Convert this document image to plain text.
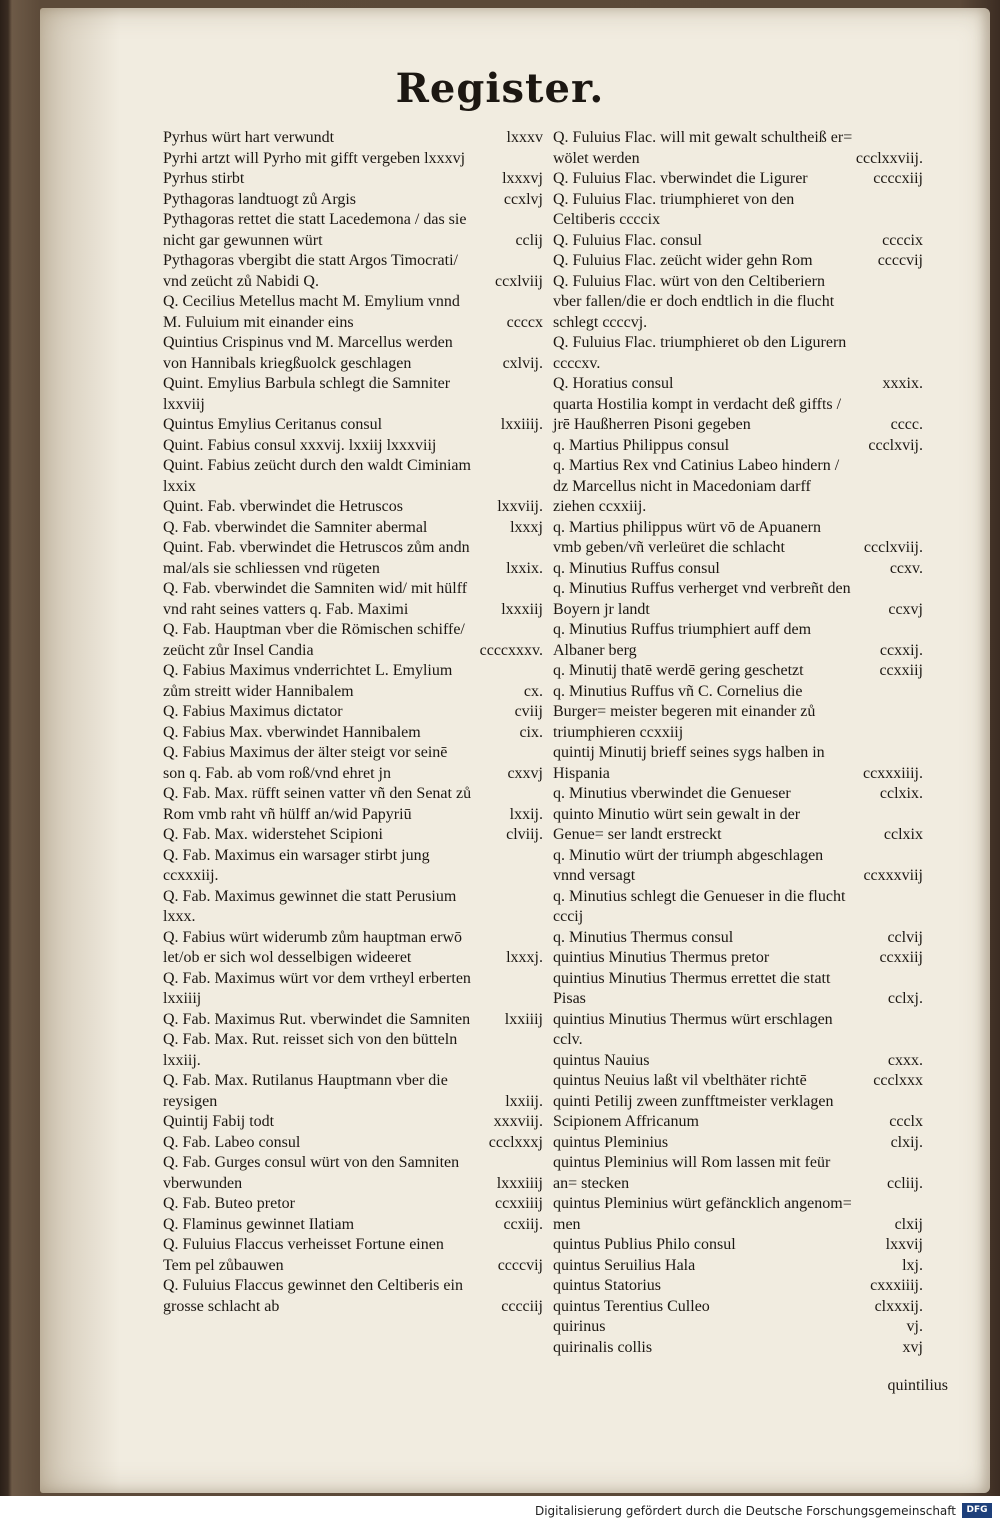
Register.
Pyrhus würt hart verwundt	lxxxv
Pyrhi artzt will Pyrho mit gifft vergeben lxxxvj
Pyrhus stirbt	lxxxvj
Pythagoras landtuogt zů Argis	ccxlvj
Pythagoras rettet die statt Lacedemona / das sie nicht gar gewunnen würt	cclij
Pythagoras vbergibt die statt Argos Timocrati/ vnd zeücht zů Nabidi Q.	ccxlviij
Q. Cecilius Metellus macht M. Emylium vnnd M. Fuluium mit einander eins	ccccx
Quintius Crispinus vnd M. Marcellus werden von Hannibals kriegßuolck geschlagen	cxlvij.
Quint. Emylius Barbula schlegt die Samniter lxxviij
Quintus Emylius Ceritanus consul	lxxiiij.
Quint. Fabius consul xxxvij. lxxiij lxxxviij
Quint. Fabius zeücht durch den waldt Ciminiam lxxix
Quint. Fab. vberwindet die Hetruscos	lxxviij.
Q. Fab. vberwindet die Samniter abermal	lxxxj
Quint. Fab. vberwindet die Hetruscos zům andn mal/als sie schliessen vnd rügeten	lxxix.
Q. Fab. vberwindet die Samniten wid/ mit hülff vnd raht seines vatters q. Fab. Maximi	lxxxiij
Q. Fab. Hauptman vber die Römischen schiffe/ zeücht zůr Insel Candia	ccccxxxv.
Q. Fabius Maximus vnderrichtet L. Emylium zům streitt wider Hannibalem	cx.
Q. Fabius Maximus dictator	cviij
Q. Fabius Max. vberwindet Hannibalem	cix.
Q. Fabius Maximus der älter steigt vor seinē son q. Fab. ab vom roß/vnd ehret jn	cxxvj
Q. Fab. Max. rüfft seinen vatter vñ den Senat zů Rom vmb raht vñ hülff an/wid Papyriū	lxxij.
Q. Fab. Max. widerstehet Scipioni	clviij.
Q. Fab. Maximus ein warsager stirbt jung ccxxxiij.
Q. Fab. Maximus gewinnet die statt Perusium lxxx.
Q. Fabius würt widerumb zům hauptman erwō let/ob er sich wol desselbigen wideeret	lxxxj.
Q. Fab. Maximus würt vor dem vrtheyl erberten lxxiiij
Q. Fab. Maximus Rut. vberwindet die Samniten	lxxiiij
Q. Fab. Max. Rut. reisset sich von den bütteln lxxiij.
Q. Fab. Max. Rutilanus Hauptmann vber die reysigen	lxxiij.
Quintij Fabij todt	xxxviij.
Q. Fab. Labeo consul	ccclxxxj
Q. Fab. Gurges consul würt von den Samniten vberwunden	lxxxiiij
Q. Fab. Buteo pretor	ccxxiiij
Q. Flaminus gewinnet Ilatiam	ccxiij.
Q. Fuluius Flaccus verheisset Fortune einen Tem pel zůbauwen	ccccvij
Q. Fuluius Flaccus gewinnet den Celtiberis ein grosse schlacht ab	cccciij
Q. Fuluius Flac. will mit gewalt schultheiß er= wölet werden	ccclxxviij.
Q. Fuluius Flac. vberwindet die Ligurer	ccccxiij
Q. Fuluius Flac. triumphieret von den Celtiberis ccccix
Q. Fuluius Flac. consul	ccccix
Q. Fuluius Flac. zeücht wider gehn Rom	ccccvij
Q. Fuluius Flac. würt von den Celtiberiern vber fallen/die er doch endtlich in die flucht schlegt ccccvj.
Q. Fuluius Flac. triumphieret ob den Ligurern ccccxv.
Q. Horatius consul	xxxix.
quarta Hostilia kompt in verdacht deß giffts / jrē Haußherren Pisoni gegeben	cccc.
q. Martius Philippus consul	ccclxvij.
q. Martius Rex vnd Catinius Labeo hindern / dz Marcellus nicht in Macedoniam darff ziehen ccxxiij.
q. Martius philippus würt vō de Apuanern vmb geben/vñ verleüret die schlacht	ccclxviij.
q. Minutius Ruffus consul	ccxv.
q. Minutius Ruffus verherget vnd verbreñt den Boyern jr landt	ccxvj
q. Minutius Ruffus triumphiert auff dem Albaner berg	ccxxij.
q. Minutij thatē werdē gering geschetzt	ccxxiij
q. Minutius Ruffus vñ C. Cornelius die Burger= meister begeren mit einander zů triumphieren ccxxiij
quintij Minutij brieff seines sygs halben in Hispania	ccxxxiiij.
q. Minutius vberwindet die Genueser	cclxix.
quinto Minutio würt sein gewalt in der Genue= ser landt erstreckt	cclxix
q. Minutio würt der triumph abgeschlagen vnnd versagt	ccxxxviij
q. Minutius schlegt die Genueser in die flucht cccij
q. Minutius Thermus consul	cclvij
quintius Minutius Thermus pretor	ccxxiij
quintius Minutius Thermus errettet die statt Pisas	cclxj.
quintius Minutius Thermus würt erschlagen cclv.
quintus Nauius	cxxx.
quintus Neuius laßt vil vbelthäter richtē	ccclxxx
quinti Petilij zween zunfftmeister verklagen Scipionem Affricanum	ccclx
quintus Pleminius	clxij.
quintus Pleminius will Rom lassen mit feür an= stecken	ccliij.
quintus Pleminius würt gefäncklich angenom= men	clxij
quintus Publius Philo consul	lxxvij
quintus Seruilius Hala	lxj.
quintus Statorius	cxxxiiij.
quintus Terentius Culleo	clxxxij.
quirinus	vj.
quirinalis collis	xvj
quintilius
Digitalisierung gefördert durch die Deutsche Forschungsgemeinschaft	DFG
